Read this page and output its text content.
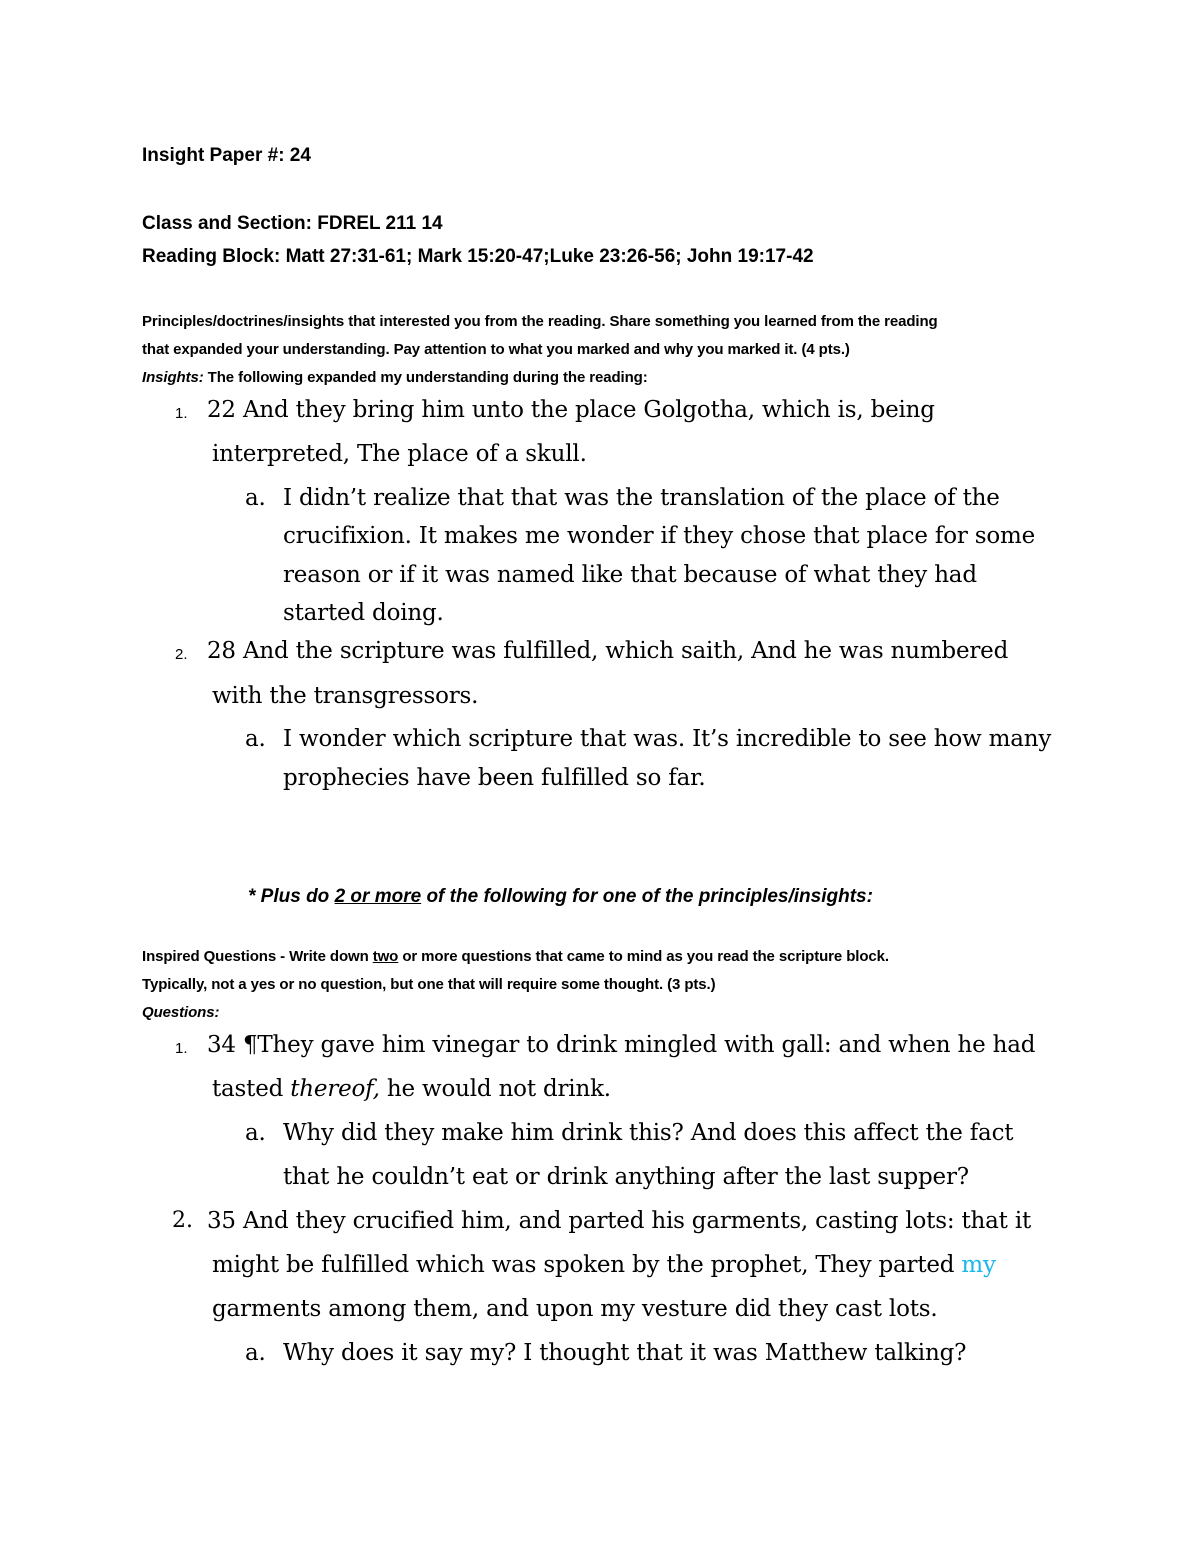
Insight Paper #: 24
Class and Section: FDREL 211 14
Reading Block: Matt 27:31-61; Mark 15:20-47;Luke 23:26-56; John 19:17-42
Principles/doctrines/insights that interested you from the reading. Share something you learned from the reading
that expanded your understanding. Pay attention to what you marked and why you marked it. (4 pts.)
Insights: The following expanded my understanding during the reading:
1. 22 And they bring him unto the place Golgotha, which is, being
interpreted, The place of a skull.
a. I didn’t realize that that was the translation of the place of the
crucifixion. It makes me wonder if they chose that place for some
reason or if it was named like that because of what they had
started doing.
2. 28 And the scripture was fulfilled, which saith, And he was numbered
with the transgressors.
a. I wonder which scripture that was. It’s incredible to see how many
prophecies have been fulfilled so far.
* Plus do 2 or more of the following for one of the principles/insights:
Inspired Questions - Write down two or more questions that came to mind as you read the scripture block.
Typically, not a yes or no question, but one that will require some thought. (3 pts.)
Questions:
1. 34 ¶They gave him vinegar to drink mingled with gall: and when he had
tasted thereof, he would not drink.
a. Why did they make him drink this? And does this affect the fact
that he couldn’t eat or drink anything after the last supper?
2. 35 And they crucified him, and parted his garments, casting lots: that it
might be fulfilled which was spoken by the prophet, They parted my
garments among them, and upon my vesture did they cast lots.
a. Why does it say my? I thought that it was Matthew talking?
